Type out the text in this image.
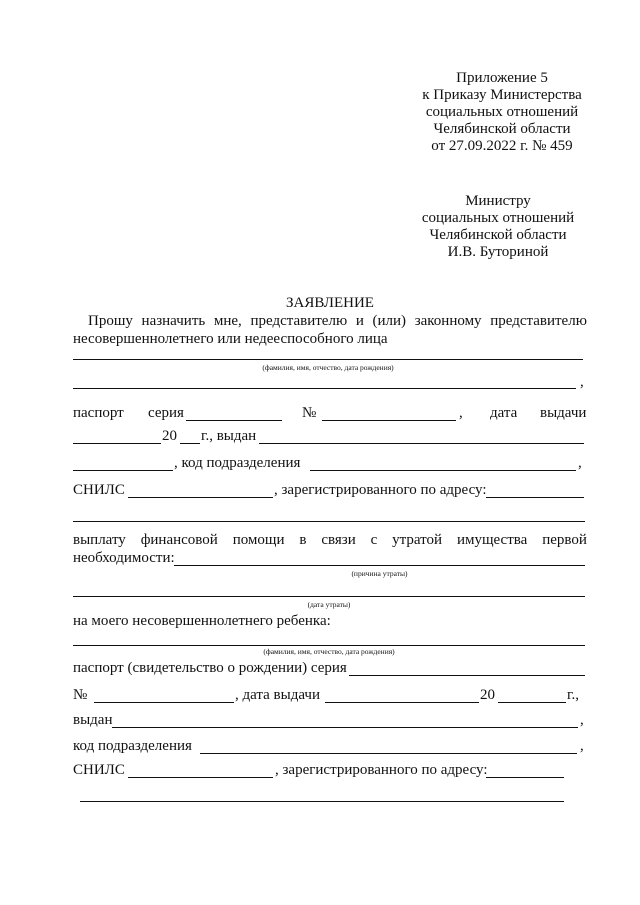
Приложение 5
к Приказу Министерства
социальных отношений
Челябинской области
от 27.09.2022 г. № 459
Министру
социальных отношений
Челябинской области
И.В. Буториной
ЗАЯВЛЕНИЕ
Прошу назначить мне, представителю и (или) законному представителю
несовершеннолетнего или недееспособного лица
(фамилия, имя, отчество, дата рождения)
,
паспорт серия	№	, дата выдачи
20 г., выдан
, код подразделения	,
СНИЛС	, зарегистрированного по адресу:
выплату финансовой помощи в связи с утратой имущества первой
необходимости:
(причина утраты)
(дата утраты)
на моего несовершеннолетнего ребенка:
(фамилия, имя, отчество, дата рождения)
паспорт (свидетельство о рождении) серия
№	, дата выдачи	20	г.,
выдан	,
код подразделения	,
СНИЛС	, зарегистрированного по адресу:
